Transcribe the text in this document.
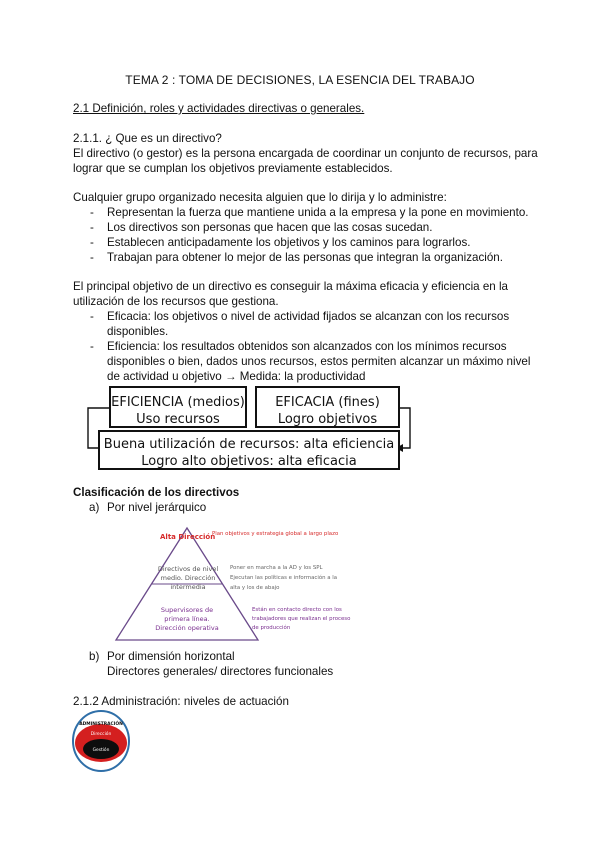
TEMA 2 : TOMA DE DECISIONES, LA ESENCIA DEL TRABAJO
2.1 Definición, roles y actividades directivas o generales.
2.1.1. ¿ Que es un directivo?
El directivo (o gestor) es la persona encargada de coordinar un conjunto de recursos, para
lograr que se cumplan los objetivos previamente establecidos.
Cualquier grupo organizado necesita alguien que lo dirija y lo administre:
- Representan la fuerza que mantiene unida a la empresa y la pone en movimiento.
- Los directivos son personas que hacen que las cosas sucedan.
- Establecen anticipadamente los objetivos y los caminos para lograrlos.
- Trabajan para obtener lo mejor de las personas que integran la organización.
El principal objetivo de un directivo es conseguir la máxima eficacia y eficiencia en la
utilización de los recursos que gestiona.
- Eficacia: los objetivos o nivel de actividad fijados se alcanzan con los recursos
disponibles.
- Eficiencia: los resultados obtenidos son alcanzados con los mínimos recursos
disponibles o bien, dados unos recursos, estos permiten alcanzar un máximo nivel
de actividad u objetivo → Medida: la productividad
EFICIENCIA (medios)
Uso recursos
EFICACIA (fines)
Logro objetivos
Buena utilización de recursos: alta eficiencia
Logro alto objetivos: alta eficacia
Clasificación de los directivos
a) Por nivel jerárquico
Alta Dirección
Directivos de nivel
medio. Dirección
intermedia
Supervisores de
primera línea.
Dirección operativa
Plan objetivos y estrategia global a largo plazo
Poner en marcha a la AD y los SPL
Ejecutan las políticas e información a la
alta y los de abajo
Están en contacto directo con los
trabajadores que realizan el proceso
de producción
b) Por dimensión horizontal
Directores generales/ directores funcionales
2.1.2 Administración: niveles de actuación
ADMINISTRACIÓN
Dirección
Gestión
